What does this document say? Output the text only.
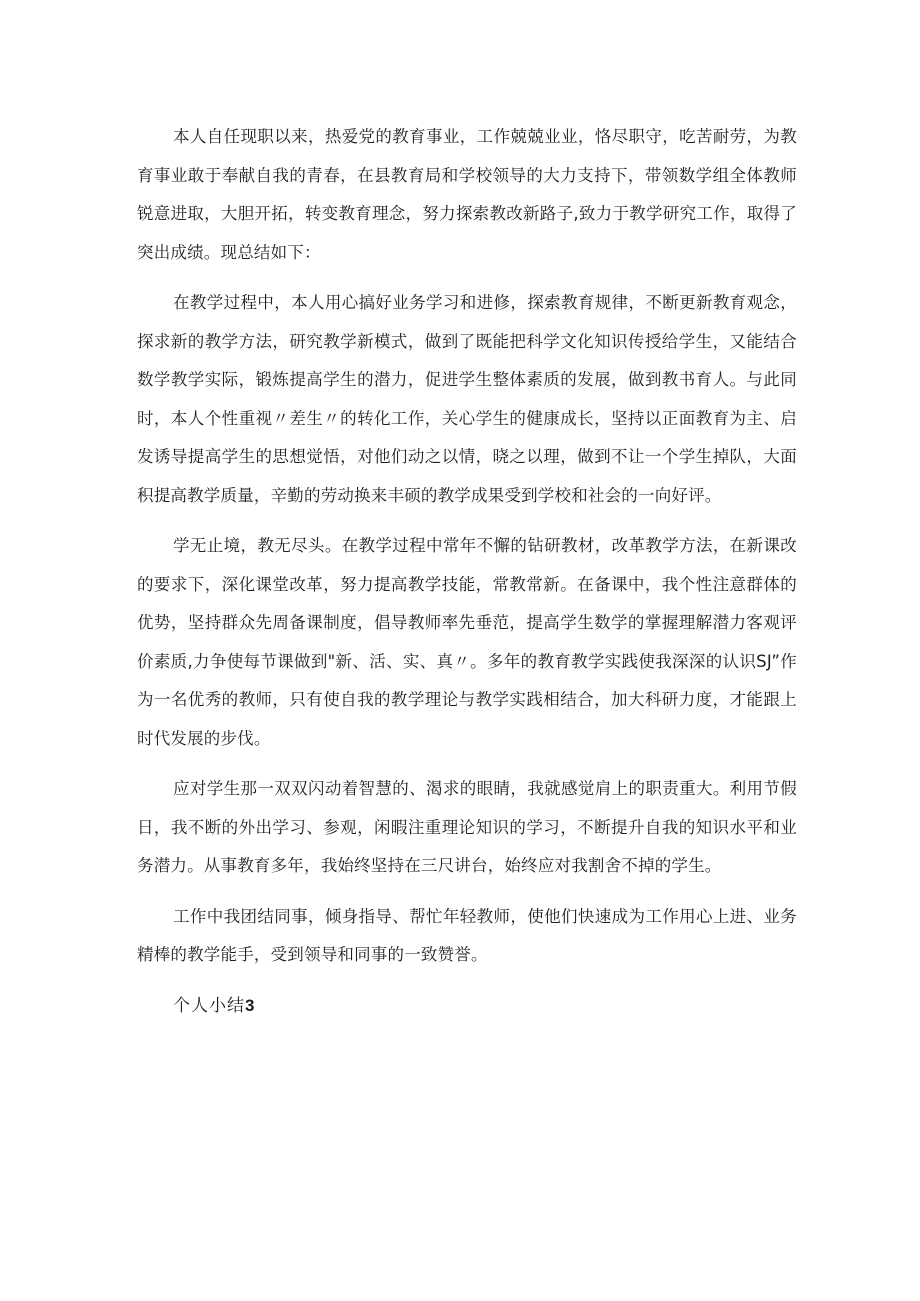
本人自任现职以来，热爱党的教育事业，工作兢兢业业，恪尽职守，吃苦耐劳，为教育事业敢于奉献自我的青春，在县教育局和学校领导的大力支持下，带领数学组全体教师锐意进取，大胆开拓，转变教育理念，努力探索教改新路子,致力于教学研究工作，取得了突出成绩。现总结如下：

在教学过程中，本人用心搞好业务学习和进修，探索教育规律，不断更新教育观念，探求新的教学方法，研究教学新模式，做到了既能把科学文化知识传授给学生，又能结合数学教学实际，锻炼提高学生的潜力，促进学生整体素质的发展，做到教书育人。与此同时，本人个性重视〃差生〃的转化工作，关心学生的健康成长，坚持以正面教育为主、启发诱导提高学生的思想觉悟，对他们动之以情，晓之以理，做到不让一个学生掉队，大面积提高教学质量，辛勤的劳动换来丰硕的教学成果受到学校和社会的一向好评。

学无止境，教无尽头。在教学过程中常年不懈的钻研教材，改革教学方法，在新课改的要求下，深化课堂改革，努力提高教学技能，常教常新。在备课中，我个性注意群体的优势，坚持群众先周备课制度，倡导教师率先垂范，提高学生数学的掌握理解潜力客观评价素质,力争使每节课做到"新、活、实、真〃。多年的教育教学实践使我深深的认识SJ”作为一名优秀的教师，只有使自我的教学理论与教学实践相结合，加大科研力度，才能跟上时代发展的步伐。

应对学生那一双双闪动着智慧的、渴求的眼睛，我就感觉肩上的职责重大。利用节假日，我不断的外出学习、参观，闲暇注重理论知识的学习，不断提升自我的知识水平和业务潜力。从事教育多年，我始终坚持在三尺讲台，始终应对我割舍不掉的学生。

工作中我团结同事，倾身指导、帮忙年轻教师，使他们快速成为工作用心上进、业务精棒的教学能手，受到领导和同事的一致赞誉。

个人小结3
